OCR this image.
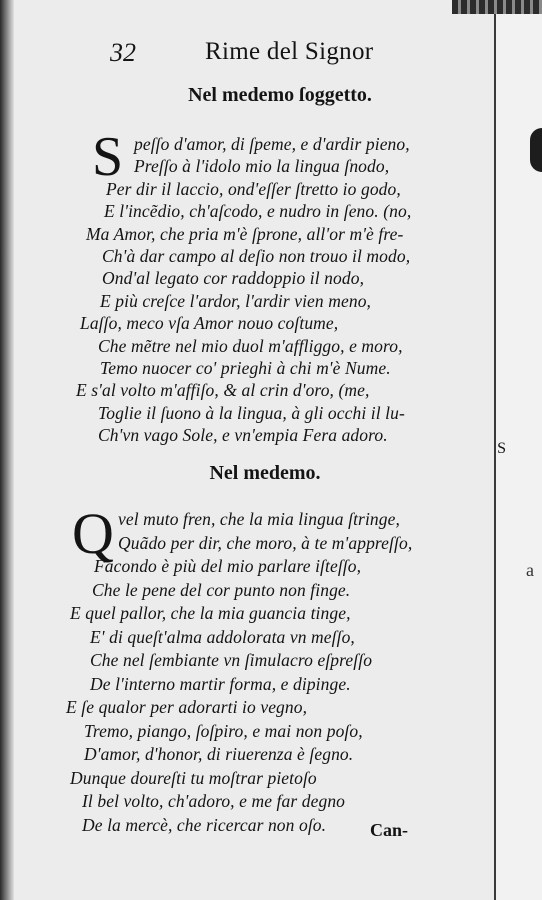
S
a
32	Rime del Signor
Nel medemo ſoggetto.
S peſſo d'amor, di ſpeme, e d'ardir pieno,
Preſſo à l'idolo mio la lingua ſnodo,
Per dir il laccio, ond'eſſer ſtretto io godo,
E l'incẽdio, ch'aſcodo, e nudro in ſeno. (no,
Ma Amor, che pria m'è ſprone, all'or m'è fre-
Ch'à dar campo al deſio non trouo il modo,
Ond'al legato cor raddoppio il nodo,
E più creſce l'ardor, l'ardir vien meno,
Laſſo, meco vſa Amor nouo coſtume,
Che mẽtre nel mio duol m'affliggo, e moro,
Temo nuocer co' prieghi à chi m'è Nume.
E s'al volto m'affiſo, & al crin d'oro, (me,
Toglie il ſuono à la lingua, à gli occhi il lu-
Ch'vn vago Sole, e vn'empia Fera adoro.
Nel medemo.
Q vel muto fren, che la mia lingua ſtringe,
Quãdo per dir, che moro, à te m'appreſſo,
Facondo è più del mio parlare iſteſſo,
Che le pene del cor punto non finge.
E quel pallor, che la mia guancia tinge,
E' di queſt'alma addolorata vn meſſo,
Che nel ſembiante vn ſimulacro eſpreſſo
De l'interno martir forma, e dipinge.
E ſe qualor per adorarti io vegno,
Tremo, piango, ſoſpiro, e mai non poſo,
D'amor, d'honor, di riuerenza è ſegno.
Dunque doureſti tu moſtrar pietoſo
Il bel volto, ch'adoro, e me far degno
De la mercè, che ricercar non oſo.	Can-
